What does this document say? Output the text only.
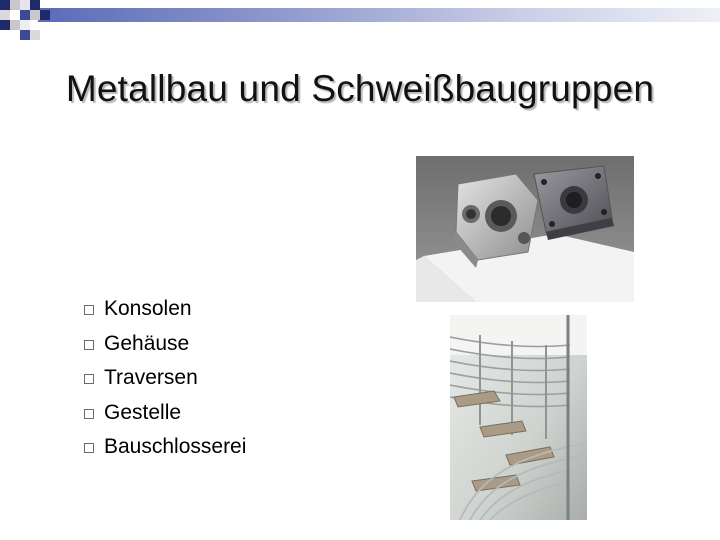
Metallbau und Schweißbaugruppen
Konsolen
Gehäuse
Traversen
Gestelle
Bauschlosserei
